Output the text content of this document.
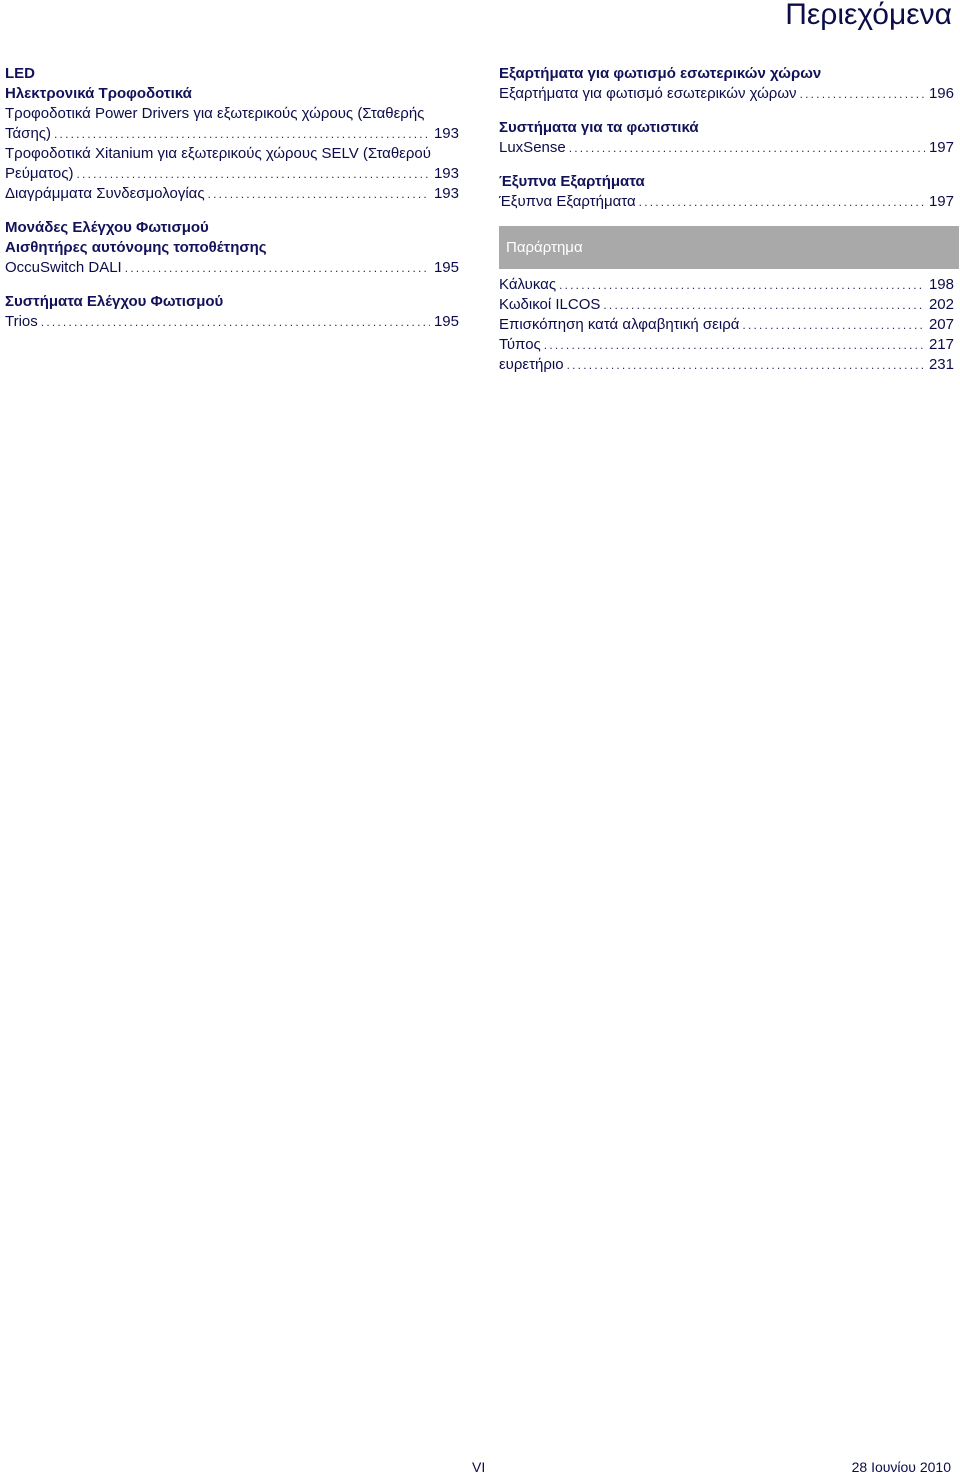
Περιεχόμενα
LED
Ηλεκτρονικά Τροφοδοτικά
Τροφοδοτικά Power Drivers για εξωτερικούς χώρους (Σταθερής
Τάσης) .....	193
Τροφοδοτικά Xitanium για εξωτερικούς χώρους SELV (Σταθερού
Ρεύματος) .....	193
Διαγράμματα Συνδεσμολογίας .....	193
Μονάδες Ελέγχου Φωτισμού
Αισθητήρες αυτόνομης τοποθέτησης
OccuSwitch DALI .....	195
Συστήματα Ελέγχου Φωτισμού
Trios .....	195
Εξαρτήματα για φωτισμό εσωτερικών χώρων
Εξαρτήματα για φωτισμό εσωτερικών χώρων .....	196
Συστήματα για τα φωτιστικά
LuxSense .....	197
Έξυπνα Εξαρτήματα
Έξυπνα Εξαρτήματα .....	197
Παράρτημα
Κάλυκας .....	198
Κωδικοί ILCOS .....	202
Επισκόπηση κατά αλφαβητική σειρά .....	207
Τύπος .....	217
ευρετήριο .....	231
VI	28 Ιουνίου 2010
